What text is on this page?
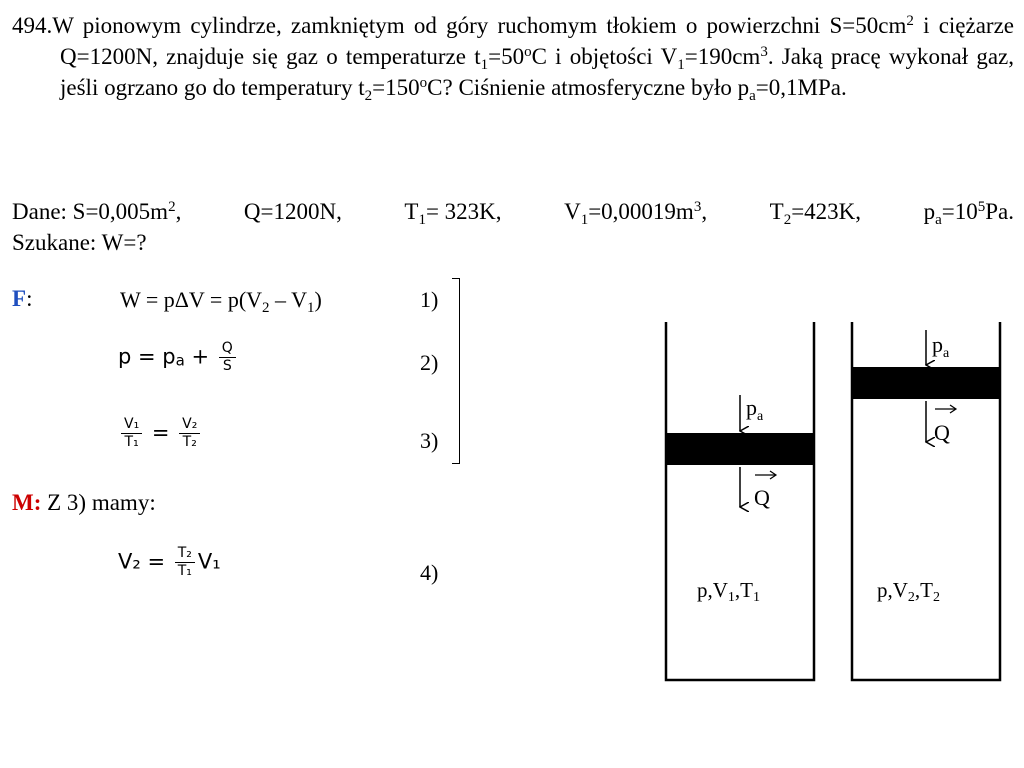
494.W pionowym cylindrze, zamkniętym od góry ruchomym tłokiem o powierzchni $S=50cm^2$ i ciężarze Q=1200N, znajduje się gaz o temperaturze $t_1=50^oC$ i objętości $V_1=190cm^3$. Jaką pracę wykonał gaz, jeśli ogrzano go do temperatury $t_2=150^oC$? Ciśnienie atmosferyczne było $p_a=0,1MPa$.
Dane: $S=0,005m^2$,	Q=1200N,	$T_1= 323K$,	$V_1=0,00019m^3$,	$T_2=423K$,	$p_a=10^5Pa$.
Szukane: W=?
F:	$W = p\Delta V = p(V_2 - V_1)$	1)
$p = p_a + \frac{Q}{S}$	2)
$\frac{\text{V₁}}{\text{T₁}} = \frac{\text{V₂}}{\text{T₂}}$	3)
M: Z 3) mamy:
$V_2 = \frac{\text{T₂}}{\text{T₁}} V_1$	4)
$p_a$
Q
p,V1,T1
$p_a$
Q
p,V2,T2
